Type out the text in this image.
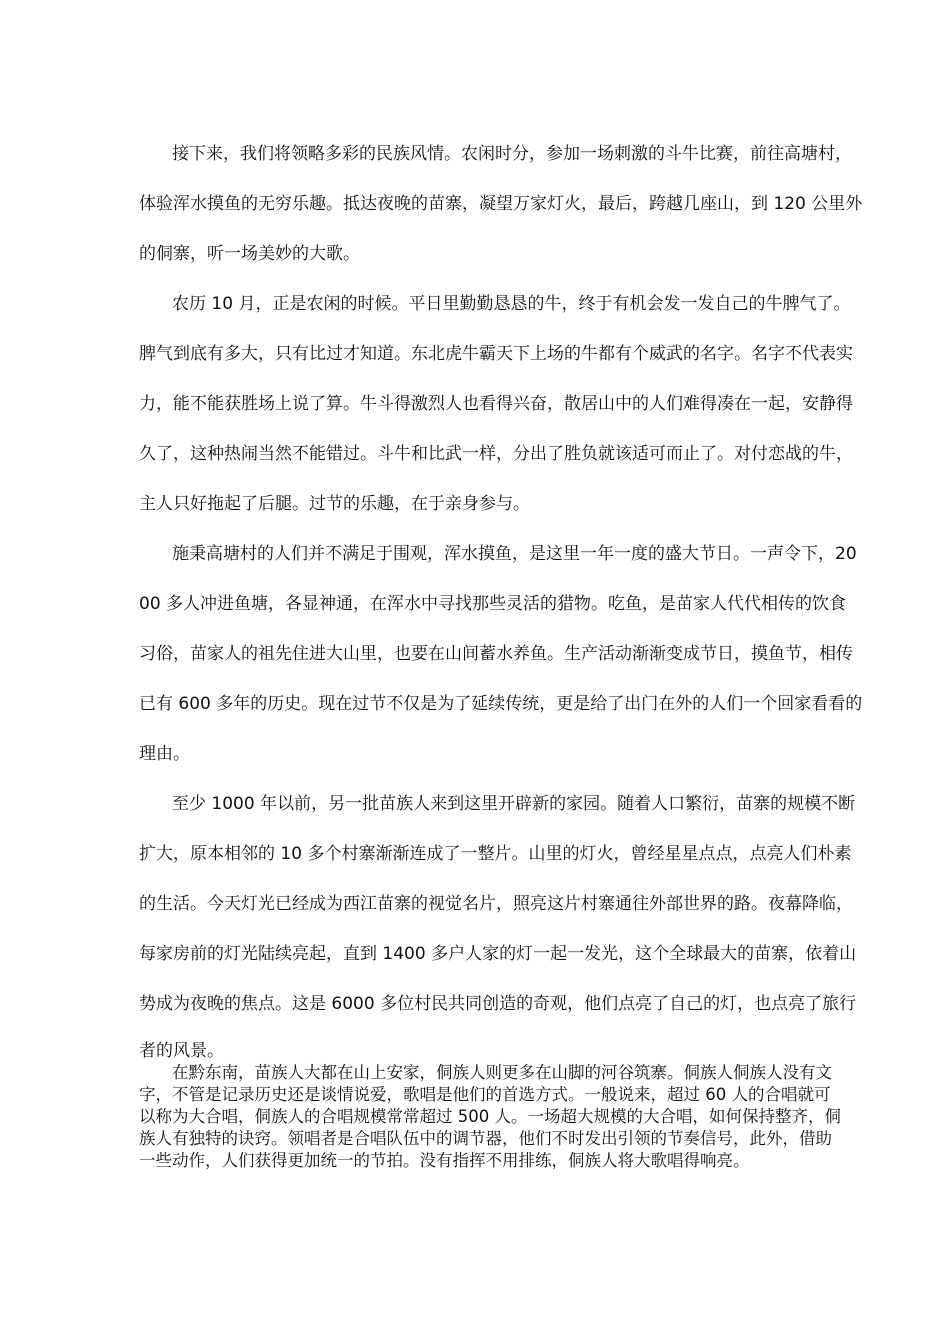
接下来，我们将领略多彩的民族风情。农闲时分，参加一场刺激的斗牛比赛，前往高塘村，
体验浑水摸鱼的无穷乐趣。抵达夜晚的苗寨，凝望万家灯火，最后，跨越几座山，到 120 公里外
的侗寨，听一场美妙的大歌。
农历 10 月，正是农闲的时候。平日里勤勤恳恳的牛，终于有机会发一发自己的牛脾气了。
脾气到底有多大，只有比过才知道。东北虎牛霸天下上场的牛都有个威武的名字。名字不代表实
力，能不能获胜场上说了算。牛斗得激烈人也看得兴奋，散居山中的人们难得凑在一起，安静得
久了，这种热闹当然不能错过。斗牛和比武一样，分出了胜负就该适可而止了。对付恋战的牛，
主人只好拖起了后腿。过节的乐趣，在于亲身参与。
施秉高塘村的人们并不满足于围观，浑水摸鱼，是这里一年一度的盛大节日。一声令下，20
00 多人冲进鱼塘，各显神通，在浑水中寻找那些灵活的猎物。吃鱼，是苗家人代代相传的饮食
习俗，苗家人的祖先住进大山里，也要在山间蓄水养鱼。生产活动渐渐变成节日，摸鱼节，相传
已有 600 多年的历史。现在过节不仅是为了延续传统，更是给了出门在外的人们一个回家看看的
理由。
至少 1000 年以前，另一批苗族人来到这里开辟新的家园。随着人口繁衍，苗寨的规模不断
扩大，原本相邻的 10 多个村寨渐渐连成了一整片。山里的灯火，曾经星星点点，点亮人们朴素
的生活。今天灯光已经成为西江苗寨的视觉名片，照亮这片村寨通往外部世界的路。夜幕降临，
每家房前的灯光陆续亮起，直到 1400 多户人家的灯一起一发光，这个全球最大的苗寨，依着山
势成为夜晚的焦点。这是 6000 多位村民共同创造的奇观，他们点亮了自己的灯，也点亮了旅行
者的风景。
在黔东南，苗族人大都在山上安家，侗族人则更多在山脚的河谷筑寨。侗族人侗族人没有文
字，不管是记录历史还是谈情说爱，歌唱是他们的首选方式。一般说来，超过 60 人的合唱就可
以称为大合唱，侗族人的合唱规模常常超过 500 人。一场超大规模的大合唱，如何保持整齐，侗
族人有独特的诀窍。领唱者是合唱队伍中的调节器，他们不时发出引领的节奏信号，此外，借助
一些动作，人们获得更加统一的节拍。没有指挥不用排练，侗族人将大歌唱得响亮。
